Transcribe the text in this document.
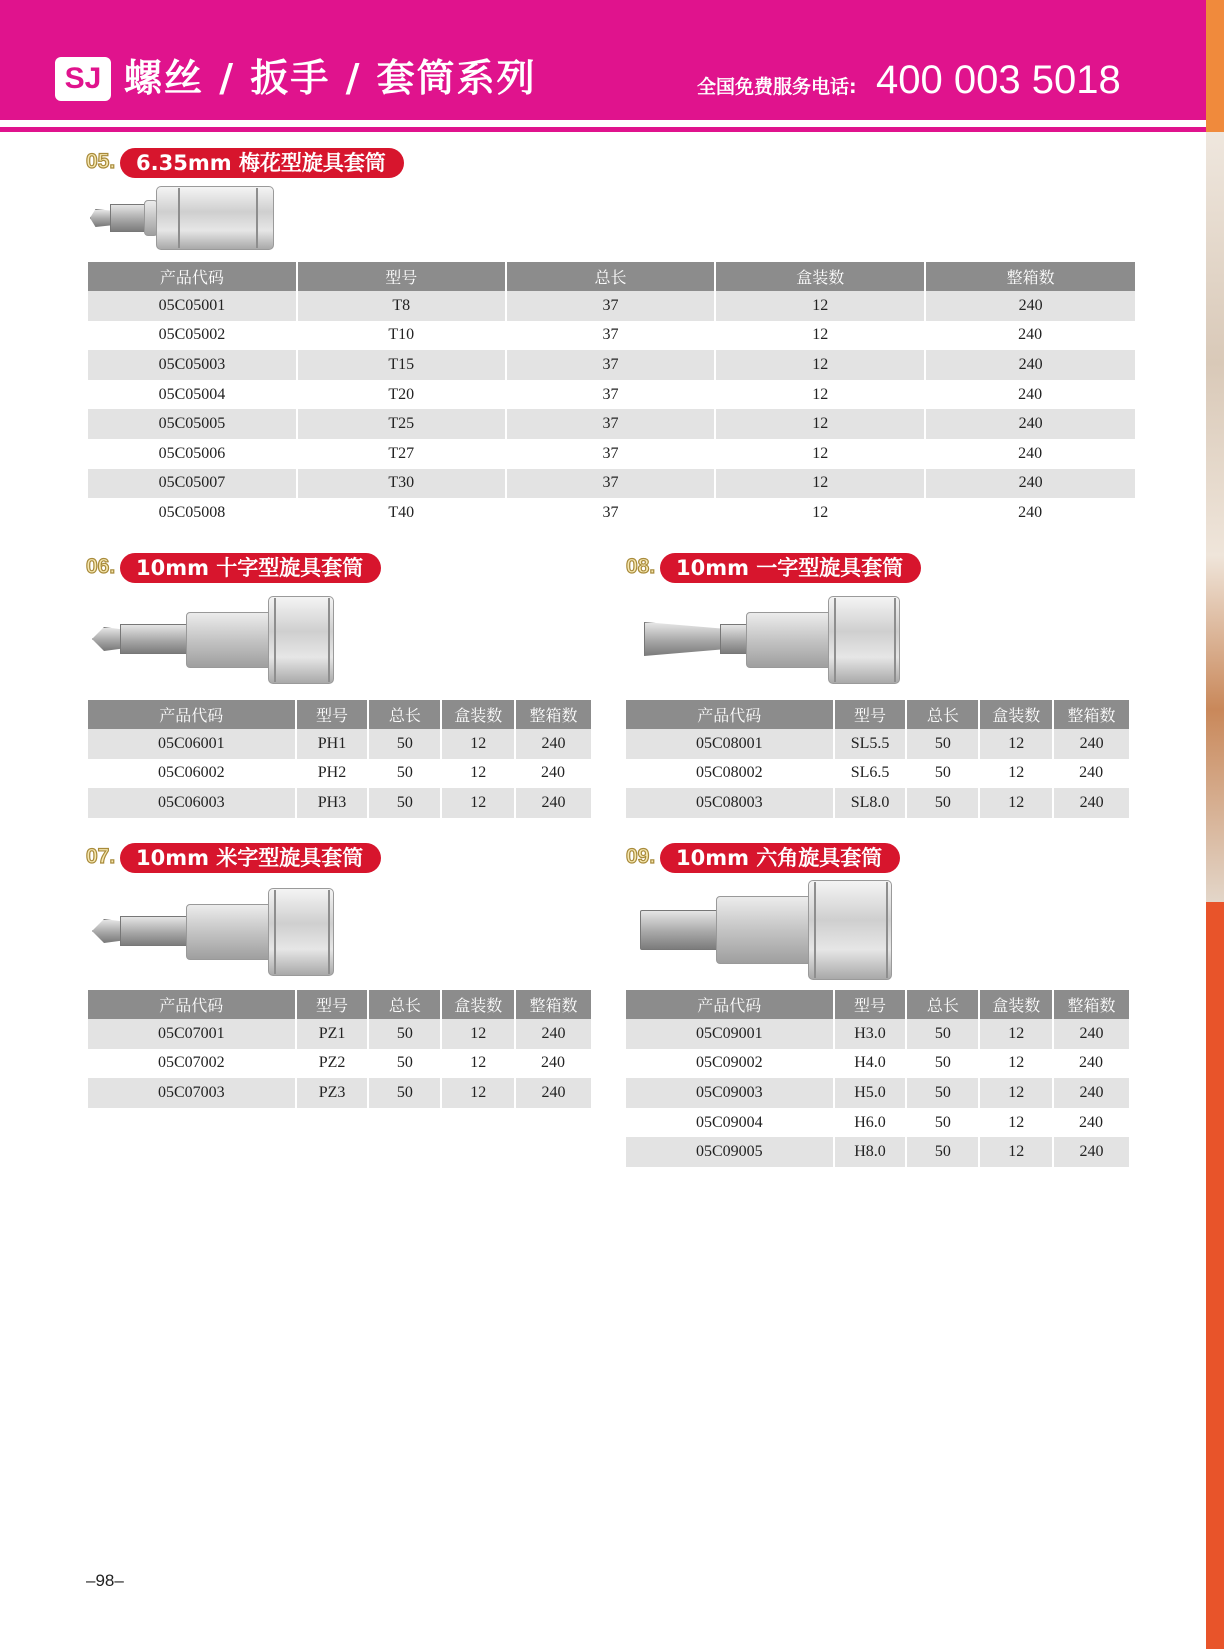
SJ 螺丝 / 扳手 / 套筒系列	全国免费服务电话: 400 003 5018
05. 6.35mm 梅花型旋具套筒
产品代码	型号	总长	盒装数	整箱数
05C05001	T8	37	12	240
05C05002	T10	37	12	240
05C05003	T15	37	12	240
05C05004	T20	37	12	240
05C05005	T25	37	12	240
05C05006	T27	37	12	240
05C05007	T30	37	12	240
05C05008	T40	37	12	240
06. 10mm 十字型旋具套筒
产品代码	型号	总长	盒装数	整箱数
05C06001	PH1	50	12	240
05C06002	PH2	50	12	240
05C06003	PH3	50	12	240
08. 10mm 一字型旋具套筒
产品代码	型号	总长	盒装数	整箱数
05C08001	SL5.5	50	12	240
05C08002	SL6.5	50	12	240
05C08003	SL8.0	50	12	240
07. 10mm 米字型旋具套筒
产品代码	型号	总长	盒装数	整箱数
05C07001	PZ1	50	12	240
05C07002	PZ2	50	12	240
05C07003	PZ3	50	12	240
09. 10mm 六角旋具套筒
产品代码	型号	总长	盒装数	整箱数
05C09001	H3.0	50	12	240
05C09002	H4.0	50	12	240
05C09003	H5.0	50	12	240
05C09004	H6.0	50	12	240
05C09005	H8.0	50	12	240
–98–
